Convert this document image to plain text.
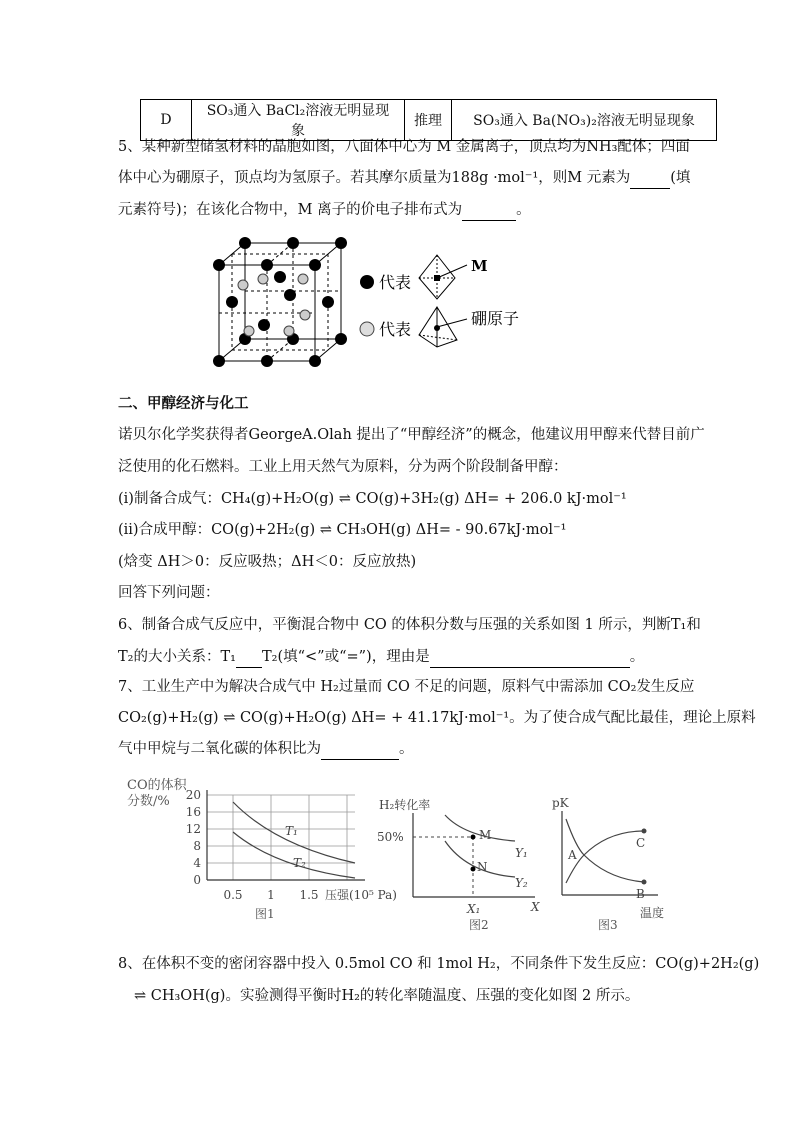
D	SO₃通入 BaCl₂溶液无明显现象	推理	SO₃通入 Ba(NO₃)₂溶液无明显现象
5、某种新型储氢材料的晶胞如图，八面体中心为 M 金属离子，顶点均为NH₃配体；四面
体中心为硼原子，顶点均为氢原子。若其摩尔质量为188g ·mol⁻¹，则M 元素为	(填
元素符号)；在该化合物中，M 离子的价电子排布式为	。
代表
M
代表
硼原子
二、甲醇经济与化工
诺贝尔化学奖获得者GeorgeA.Olah 提出了“甲醇经济”的概念，他建议用甲醇来代替目前广
泛使用的化石燃料。工业上用天然气为原料，分为两个阶段制备甲醇：
(i)制备合成气：CH₄(g)+H₂O(g) ⇌ CO(g)+3H₂(g) ΔH= + 206.0 kJ·mol⁻¹
(ii)合成甲醇：CO(g)+2H₂(g) ⇌ CH₃OH(g) ΔH= - 90.67kJ·mol⁻¹
(焓变 ΔH＞0：反应吸热；ΔH＜0：反应放热)
回答下列问题：
6、制备合成气反应中，平衡混合物中 CO 的体积分数与压强的关系如图 1 所示，判断T₁和
T₂的大小关系：T₁ T₂(填“<”或“=”)，理由是	。
7、工业生产中为解决合成气中 H₂过量而 CO 不足的问题，原料气中需添加 CO₂发生反应
CO₂(g)+H₂(g) ⇌ CO(g)+H₂O(g) ΔH= + 41.17kJ·mol⁻¹。为了使合成气配比最佳，理论上原料
气中甲烷与二氧化碳的体积比为	。
CO的体积
分数/% 20
16
12
8
4
0
0.5 1 1.5 压强(10⁵ Pa)
T₁
T₂
图1
H₂转化率
50%	M
N
Y₁
Y₂
X₁	X
图2
pK
A
C
B
温度
图3
8、在体积不变的密闭容器中投入 0.5mol CO 和 1mol H₂，不同条件下发生反应：CO(g)+2H₂(g)
⇌ CH₃OH(g)。实验测得平衡时H₂的转化率随温度、压强的变化如图 2 所示。
